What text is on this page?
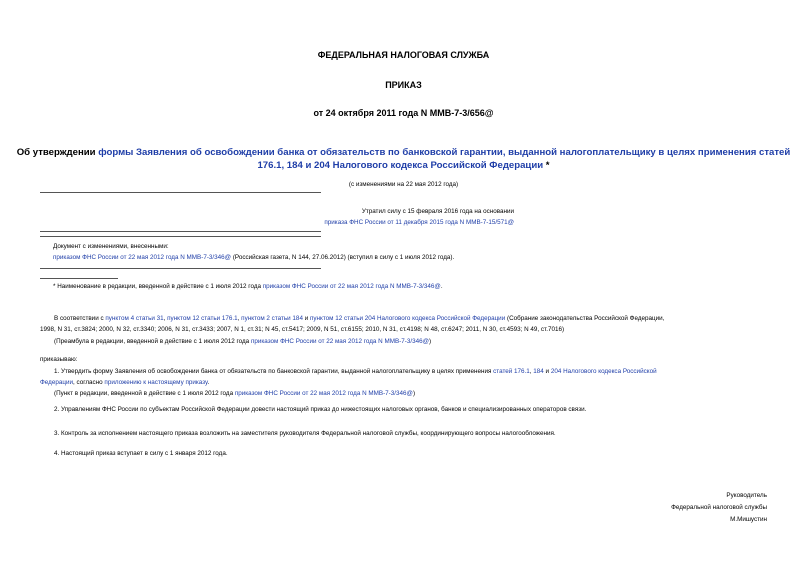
ФЕДЕРАЛЬНАЯ НАЛОГОВАЯ СЛУЖБА
ПРИКАЗ
от 24 октября 2011 года N ММВ-7-3/656@
Об утверждении формы Заявления об освобождении банка от обязательств по банковской гарантии, выданной налогоплательщику в целях применения статей
176.1, 184 и 204 Налогового кодекса Российской Федерации *
(с изменениями на 22 мая 2012 года)
Утратил силу с 15 февраля 2016 года на основании
приказа ФНС России от 11 декабря 2015 года N ММВ-7-15/571@
Документ с изменениями, внесенными:
приказом ФНС России от 22 мая 2012 года N ММВ-7-3/346@ (Российская газета, N 144, 27.06.2012) (вступил в силу с 1 июля 2012 года).
* Наименование в редакции, введенной в действие с 1 июля 2012 года приказом ФНС России от 22 мая 2012 года N ММВ-7-3/346@.
В соответствии с пунктом 4 статьи 31, пунктом 12 статьи 176.1, пунктом 2 статьи 184 и пунктом 12 статьи 204 Налогового кодекса Российской Федерации (Собрание законодательства Российской Федерации,
1998, N 31, ст.3824; 2000, N 32, ст.3340; 2006, N 31, ст.3433; 2007, N 1, ст.31; N 45, ст.5417; 2009, N 51, ст.6155; 2010, N 31, ст.4198; N 48, ст.6247; 2011, N 30, ст.4593; N 49, ст.7016)
(Преамбула в редакции, введенной в действие с 1 июля 2012 года приказом ФНС России от 22 мая 2012 года N ММВ-7-3/346@)
приказываю:
1. Утвердить форму Заявления об освобождении банка от обязательств по банковской гарантии, выданной налогоплательщику в целях применения статей 176.1, 184 и 204 Налогового кодекса Российской
Федерации, согласно приложению к настоящему приказу.
(Пункт в редакции, введенной в действие с 1 июля 2012 года приказом ФНС России от 22 мая 2012 года N ММВ-7-3/346@)
2. Управлениям ФНС России по субъектам Российской Федерации довести настоящий приказ до нижестоящих налоговых органов, банков и специализированных операторов связи.
3. Контроль за исполнением настоящего приказа возложить на заместителя руководителя Федеральной налоговой службы, координирующего вопросы налогообложения.
4. Настоящий приказ вступает в силу с 1 января 2012 года.
Руководитель
Федеральной налоговой службы
М.Мишустин
